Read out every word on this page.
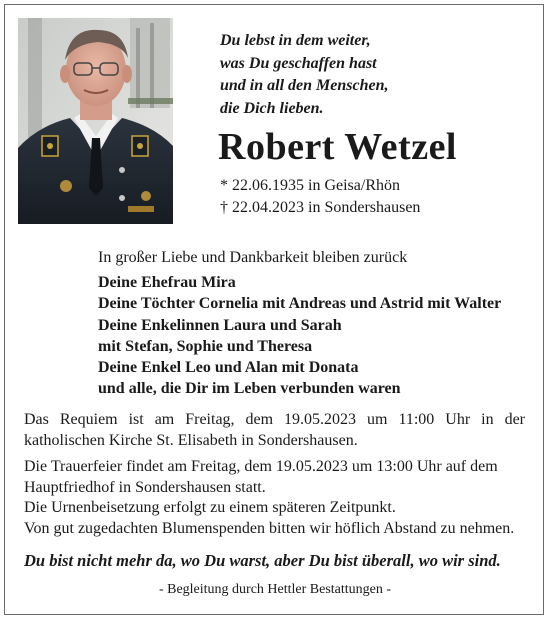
Du lebst in dem weiter,
was Du geschaffen hast
und in all den Menschen,
die Dich lieben.
Robert Wetzel
* 22.06.1935 in Geisa/Rhön
† 22.04.2023 in Sondershausen
In großer Liebe und Dankbarkeit bleiben zurück
Deine Ehefrau Mira
Deine Töchter Cornelia mit Andreas und Astrid mit Walter
Deine Enkelinnen Laura und Sarah
mit Stefan, Sophie und Theresa
Deine Enkel Leo und Alan mit Donata
und alle, die Dir im Leben verbunden waren
Das Requiem ist am Freitag, dem 19.05.2023 um 11:00 Uhr in der katholischen Kirche St. Elisabeth in Sondershausen.
Die Trauerfeier findet am Freitag, dem 19.05.2023 um 13:00 Uhr auf dem
Hauptfriedhof in Sondershausen statt.
Die Urnenbeisetzung erfolgt zu einem späteren Zeitpunkt.
Von gut zugedachten Blumenspenden bitten wir höflich Abstand zu nehmen.
Du bist nicht mehr da, wo Du warst, aber Du bist überall, wo wir sind.
- Begleitung durch Hettler Bestattungen -
